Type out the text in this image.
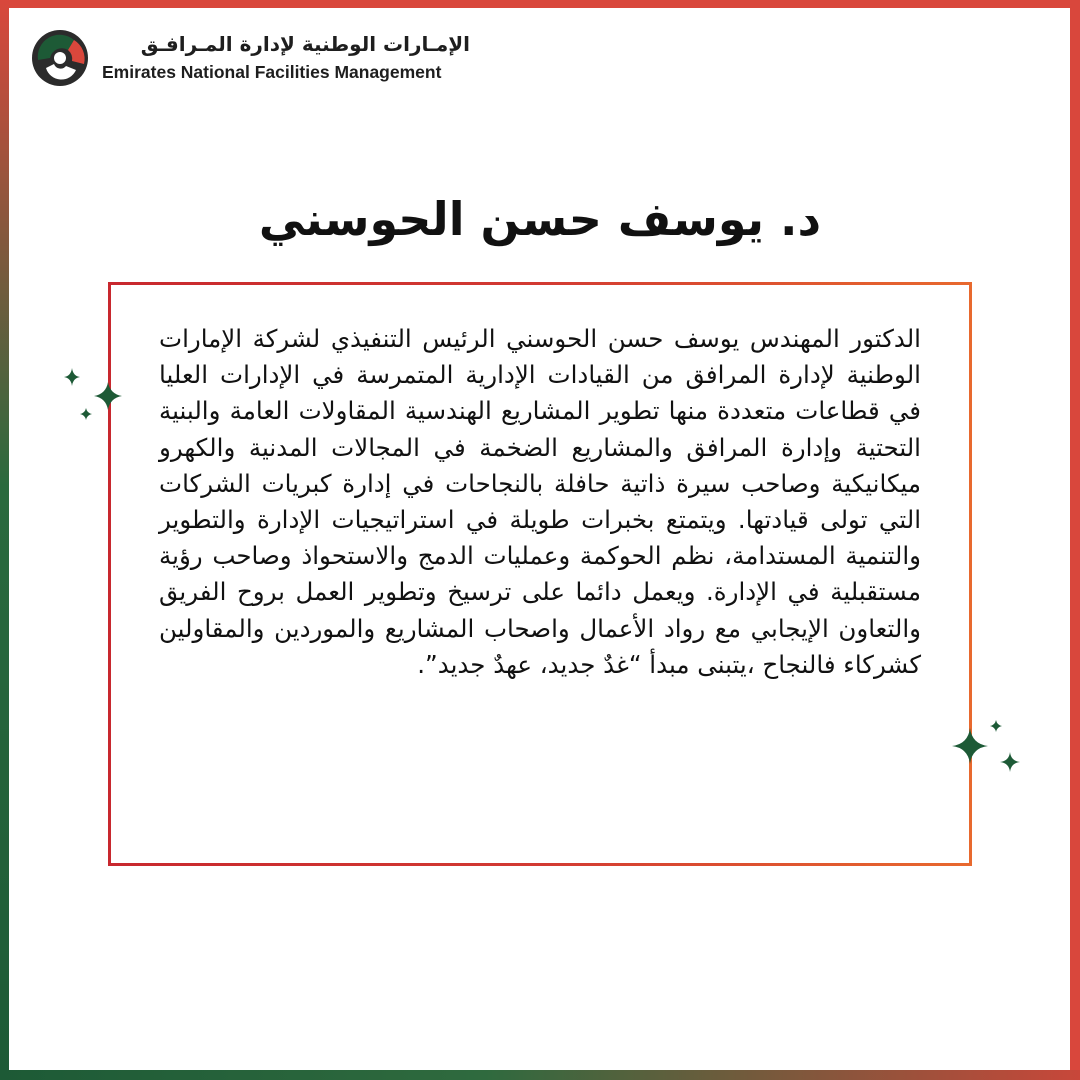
الإمـارات الوطنية لإدارة المـرافـق
Emirates National Facilities Management
د. يوسف حسن الحوسني

الدكتور المهندس يوسف حسن الحوسني الرئيس التنفيذي لشركة الإمارات الوطنية لإدارة المرافق من القيادات الإدارية المتمرسة في الإدارات العليا في قطاعات متعددة منها تطوير المشاريع الهندسية المقاولات العامة والبنية التحتية وإدارة المرافق والمشاريع الضخمة في المجالات المدنية والكهرو ميكانيكية وصاحب سيرة ذاتية حافلة بالنجاحات في إدارة كبريات الشركات التي تولى قيادتها. ويتمتع بخبرات طويلة في استراتيجيات الإدارة والتطوير والتنمية المستدامة، نظم الحوكمة وعمليات الدمج والاستحواذ وصاحب رؤية مستقبلية في الإدارة. ويعمل دائما على ترسيخ وتطوير العمل بروح الفريق والتعاون الإيجابي مع رواد الأعمال واصحاب المشاريع والموردين والمقاولين كشركاء فالنجاح ،يتبنى مبدأ “غدٌ جديد، عهدٌ جديد”.
